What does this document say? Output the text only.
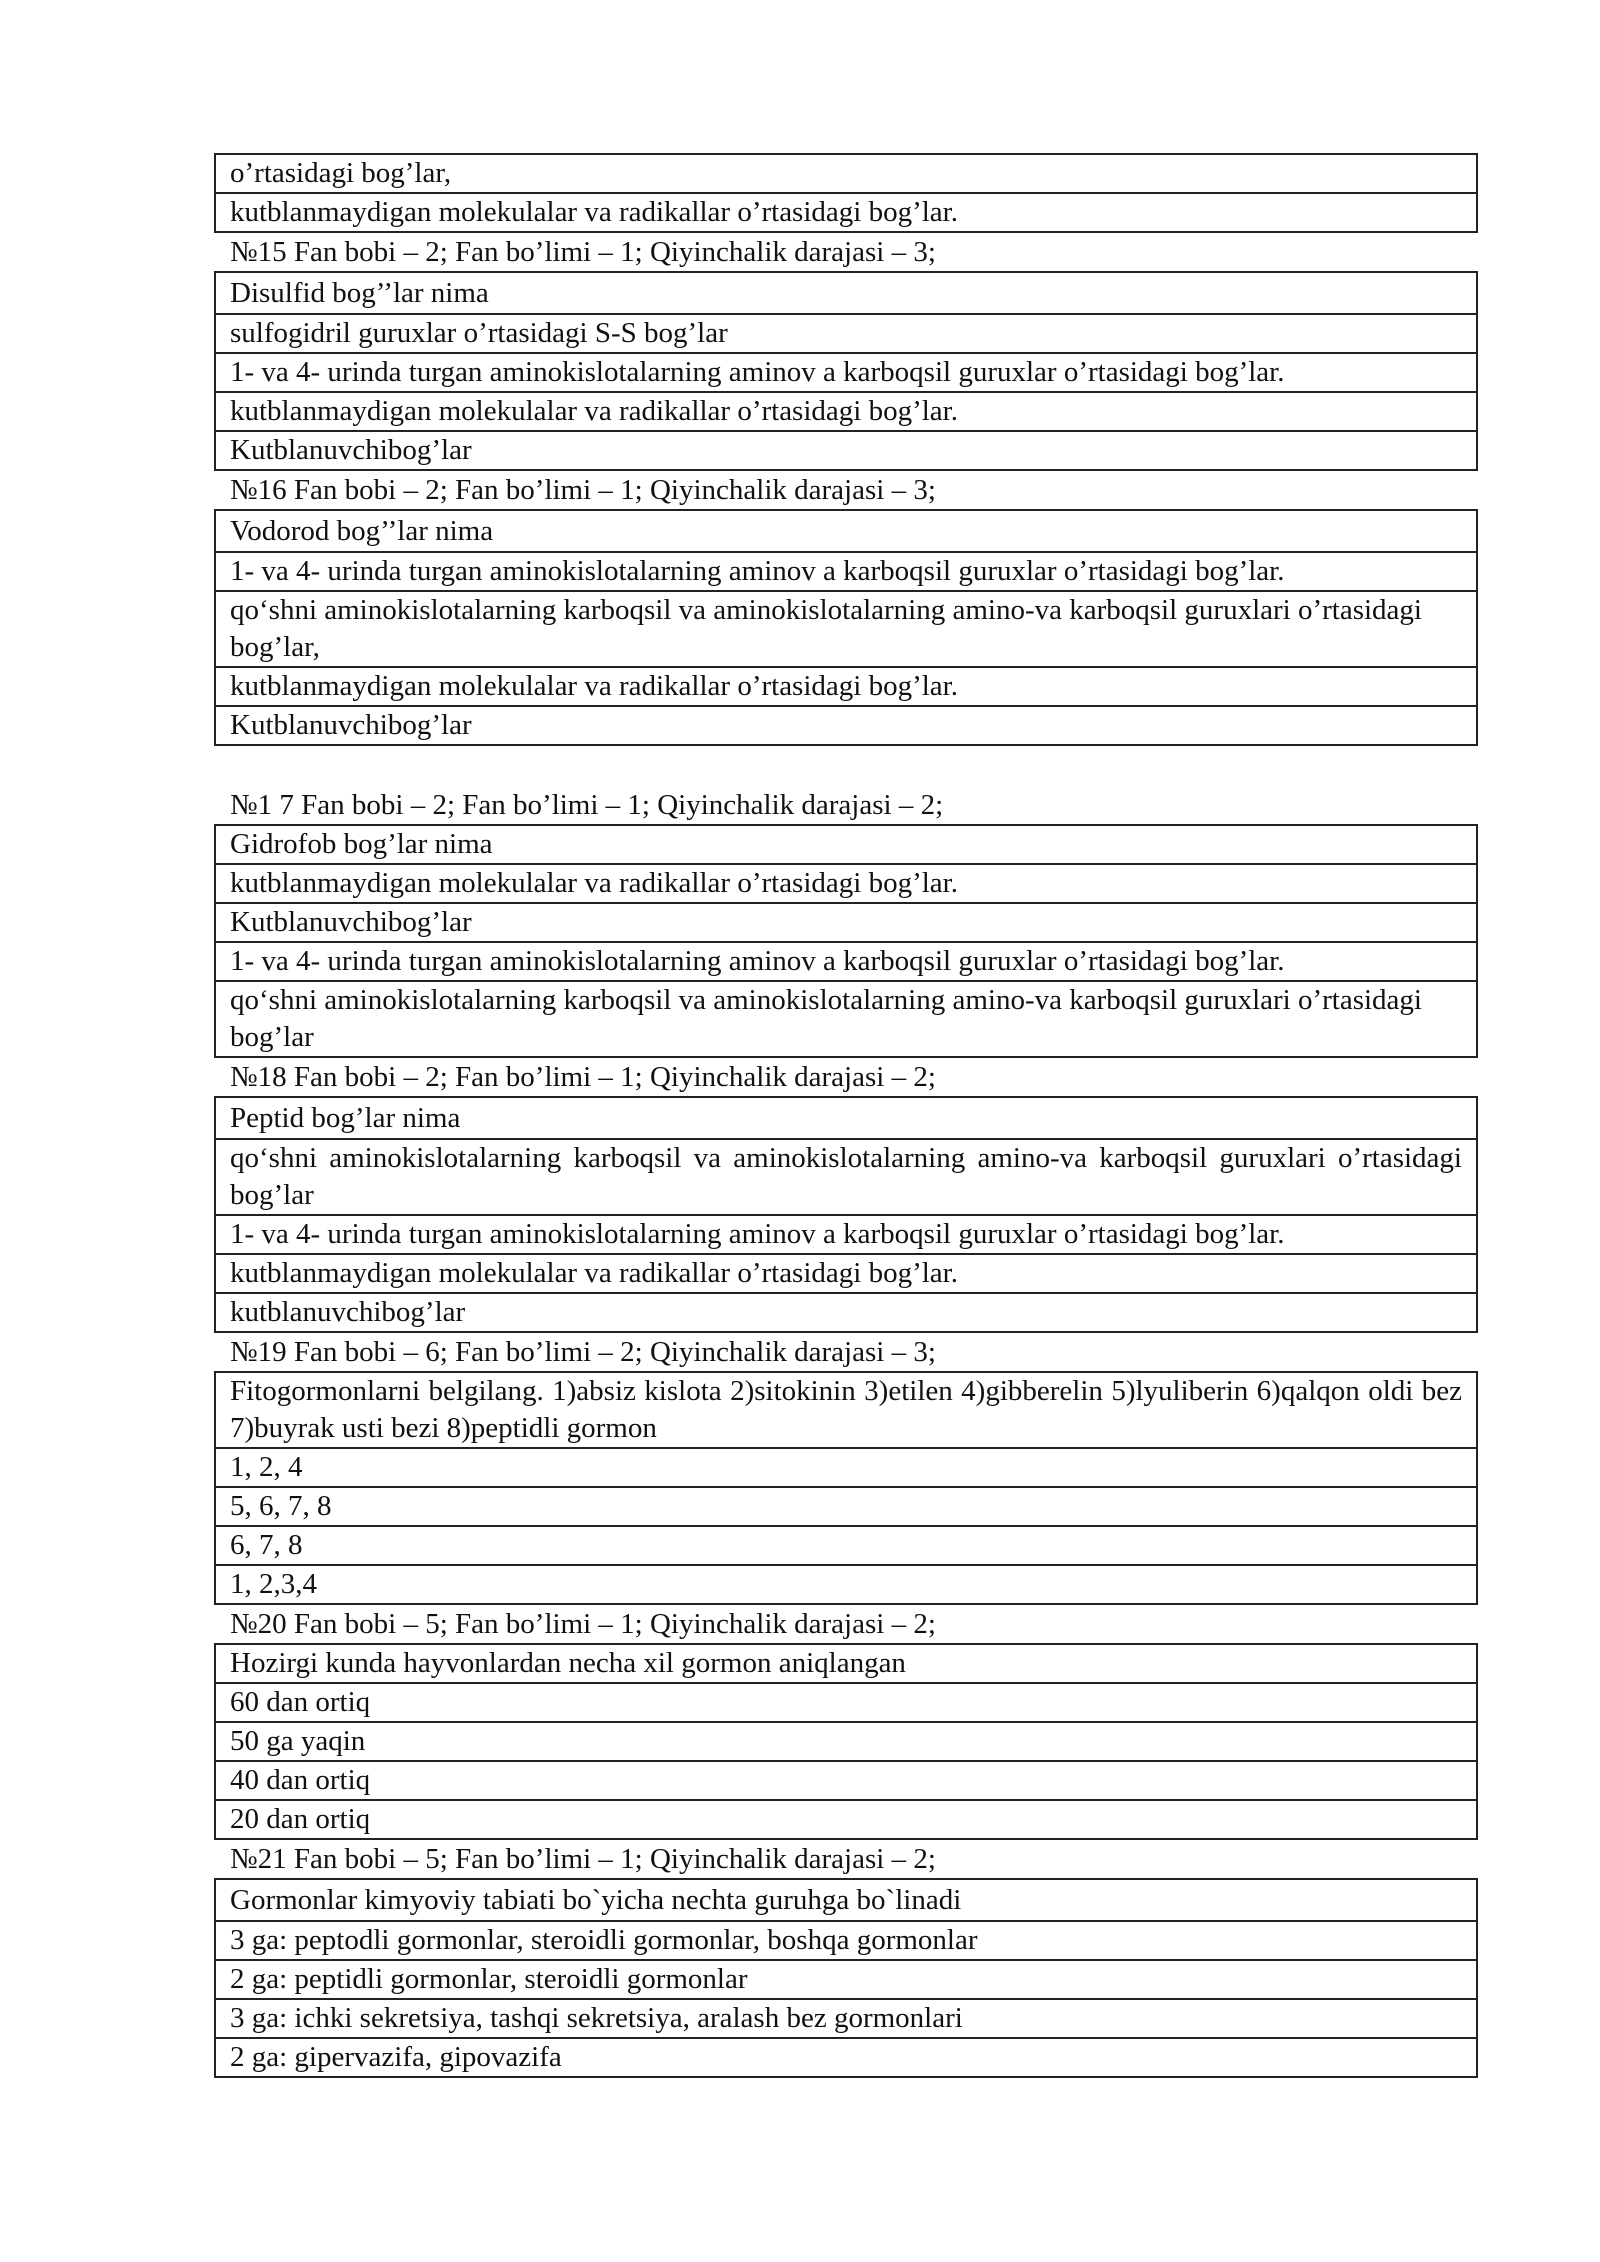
o’rtasidagi bog’lar,
kutblanmaydigan molekulalar va radikallar o’rtasidagi bog’lar.
№15 Fan bobi – 2; Fan bo’limi – 1; Qiyinchalik darajasi – 3;
Disulfid bog’’lar nima
sulfogidril guruxlar o’rtasidagi S-S bog’lar
1- va 4- urinda turgan aminokislotalarning aminov a karboqsil guruxlar o’rtasidagi bog’lar.
kutblanmaydigan molekulalar va radikallar o’rtasidagi bog’lar.
Kutblanuvchibog’lar
№16 Fan bobi – 2; Fan bo’limi – 1; Qiyinchalik darajasi – 3;
Vodorod bog’’lar nima
1- va 4- urinda turgan aminokislotalarning aminov a karboqsil guruxlar o’rtasidagi bog’lar.
qo‘shni aminokislotalarning karboqsil va aminokislotalarning amino-va karboqsil guruxlari o’rtasidagi bog’lar,
kutblanmaydigan molekulalar va radikallar o’rtasidagi bog’lar.
Kutblanuvchibog’lar
№1 7 Fan bobi – 2; Fan bo’limi – 1; Qiyinchalik darajasi – 2;
Gidrofob bog’lar nima
kutblanmaydigan molekulalar va radikallar o’rtasidagi bog’lar.
Kutblanuvchibog’lar
1- va 4- urinda turgan aminokislotalarning aminov a karboqsil guruxlar o’rtasidagi bog’lar.
qo‘shni aminokislotalarning karboqsil va aminokislotalarning amino-va karboqsil guruxlari o’rtasidagi bog’lar
№18 Fan bobi – 2; Fan bo’limi – 1; Qiyinchalik darajasi – 2;
Peptid bog’lar nima
qo‘shni aminokislotalarning karboqsil va aminokislotalarning amino-va karboqsil guruxlari o’rtasidagi bog’lar
1- va 4- urinda turgan aminokislotalarning aminov a karboqsil guruxlar o’rtasidagi bog’lar.
kutblanmaydigan molekulalar va radikallar o’rtasidagi bog’lar.
kutblanuvchibog’lar
№19 Fan bobi – 6; Fan bo’limi – 2; Qiyinchalik darajasi – 3;
Fitogormonlarni belgilang. 1)absiz kislota 2)sitokinin 3)etilen 4)gibberelin 5)lyuliberin 6)qalqon oldi bez 7)buyrak usti bezi 8)peptidli gormon
1, 2, 4
5, 6, 7, 8
6, 7, 8
1, 2,3,4
№20 Fan bobi – 5; Fan bo’limi – 1; Qiyinchalik darajasi – 2;
Hozirgi kunda hayvonlardan necha xil gormon aniqlangan
60 dan ortiq
50 ga yaqin
40 dan ortiq
20 dan ortiq
№21 Fan bobi – 5; Fan bo’limi – 1; Qiyinchalik darajasi – 2;
Gormonlar kimyoviy tabiati bo`yicha nechta guruhga bo`linadi
3 ga: peptodli gormonlar, steroidli gormonlar, boshqa gormonlar
2 ga: peptidli gormonlar, steroidli gormonlar
3 ga: ichki sekretsiya, tashqi sekretsiya, aralash bez gormonlari
2 ga: gipervazifa, gipovazifa
